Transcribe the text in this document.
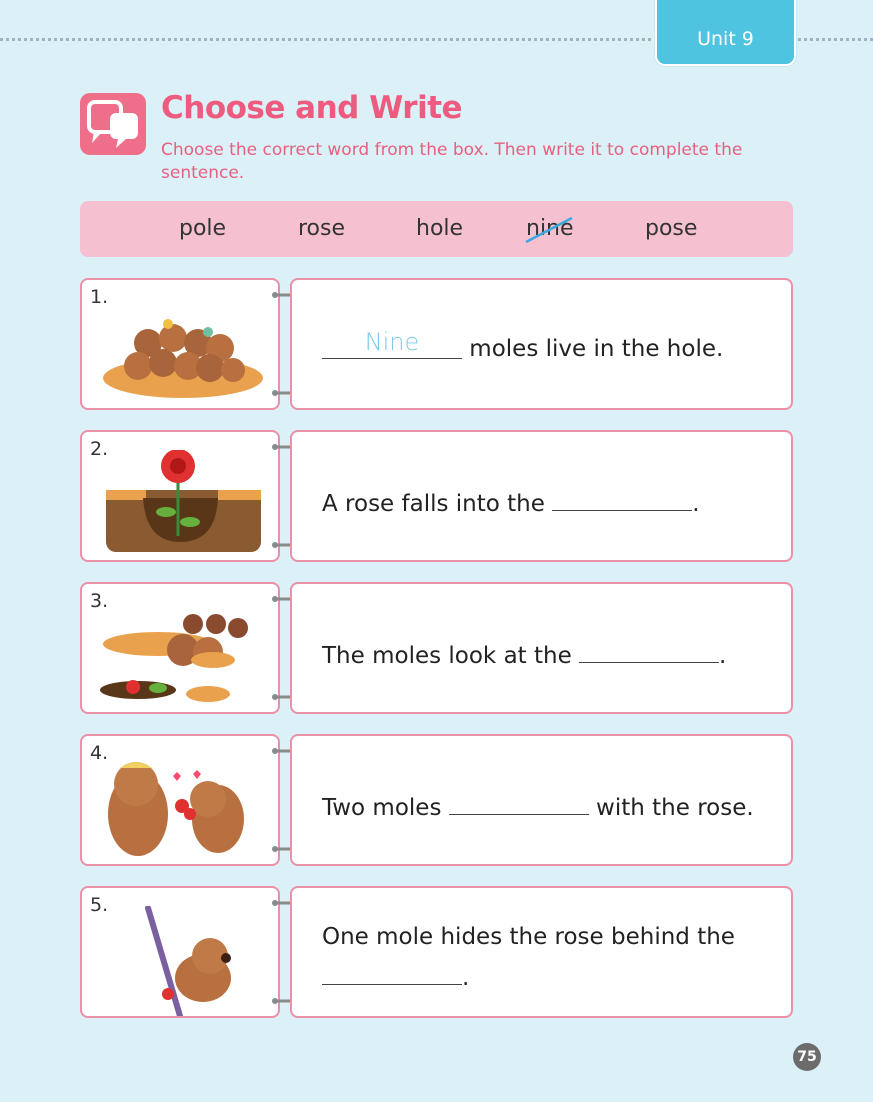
Unit 9
Choose and Write
Choose the correct word from the box. Then write it to complete the sentence.
pole	rose	hole	nine	pose
1.
Nine moles live in the hole.
2.
A rose falls into the	.
3.
The moles look at the	.
4.
Two moles	with the rose.
5.
One mole hides the rose behind the
.
75
